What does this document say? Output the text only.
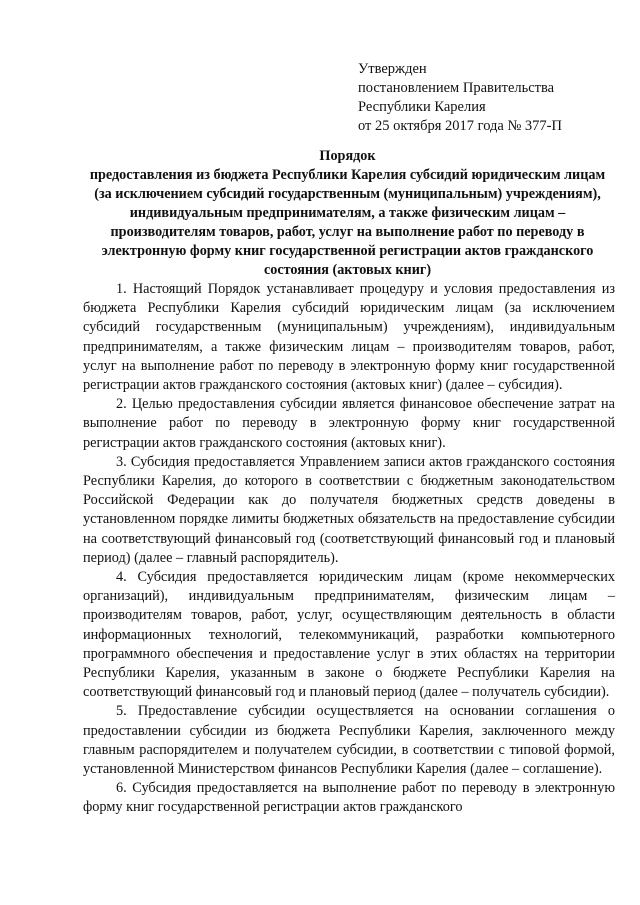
Утвержден
постановлением Правительства
Республики Карелия
от 25 октября 2017 года № 377-П
Порядок
предоставления из бюджета Республики Карелия субсидий юридическим лицам (за исключением субсидий государственным (муниципальным) учреждениям), индивидуальным предпринимателям, а также физическим лицам – производителям товаров, работ, услуг на выполнение работ по переводу в электронную форму книг государственной регистрации актов гражданского состояния (актовых книг)

1. Настоящий Порядок устанавливает процедуру и условия предоставления из бюджета Республики Карелия субсидий юридическим лицам (за исключением субсидий государственным (муниципальным) учреждениям), индивидуальным предпринимателям, а также физическим лицам – производителям товаров, работ, услуг на выполнение работ по переводу в электронную форму книг государственной регистрации актов гражданского состояния (актовых книг) (далее – субсидия).

2. Целью предоставления субсидии является финансовое обеспечение затрат на выполнение работ по переводу в электронную форму книг государственной регистрации актов гражданского состояния (актовых книг).

3. Субсидия предоставляется Управлением записи актов гражданского состояния Республики Карелия, до которого в соответствии с бюджетным законодательством Российской Федерации как до получателя бюджетных средств доведены в установленном порядке лимиты бюджетных обязательств на предоставление субсидии на соответствующий финансовый год (соответствующий финансовый год и плановый период) (далее – главный распорядитель).

4. Субсидия предоставляется юридическим лицам (кроме некоммерческих организаций), индивидуальным предпринимателям, физическим лицам – производителям товаров, работ, услуг, осуществляющим деятельность в области информационных технологий, телекоммуникаций, разработки компьютерного программного обеспечения и предоставление услуг в этих областях на территории Республики Карелия, указанным в законе о бюджете Республики Карелия на соответствующий финансовый год и плановый период (далее – получатель субсидии).

5. Предоставление субсидии осуществляется на основании соглашения о предоставлении субсидии из бюджета Республики Карелия, заключенного между главным распорядителем и получателем субсидии, в соответствии с типовой формой, установленной Министерством финансов Республики Карелия (далее – соглашение).

6. Субсидия предоставляется на выполнение работ по переводу в электронную форму книг государственной регистрации актов гражданского
